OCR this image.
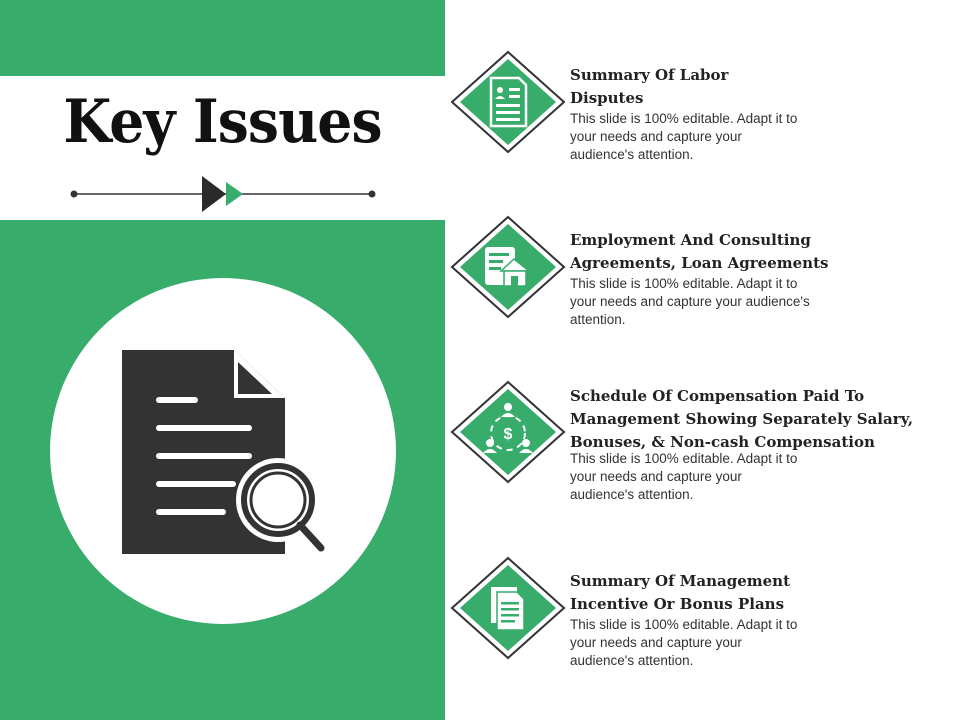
Key Issues

Summary Of Labor
Disputes

This slide is 100% editable. Adapt it to
your needs and capture your
audience's attention.

Employment And Consulting
Agreements, Loan Agreements

This slide is 100% editable. Adapt it to
your needs and capture your audience's
attention.

$

Schedule Of Compensation Paid To
Management Showing Separately Salary,
Bonuses, & Non-cash Compensation

This slide is 100% editable. Adapt it to
your needs and capture your
audience's attention.

Summary Of Management
Incentive Or Bonus Plans

This slide is 100% editable. Adapt it to
your needs and capture your
audience's attention.
